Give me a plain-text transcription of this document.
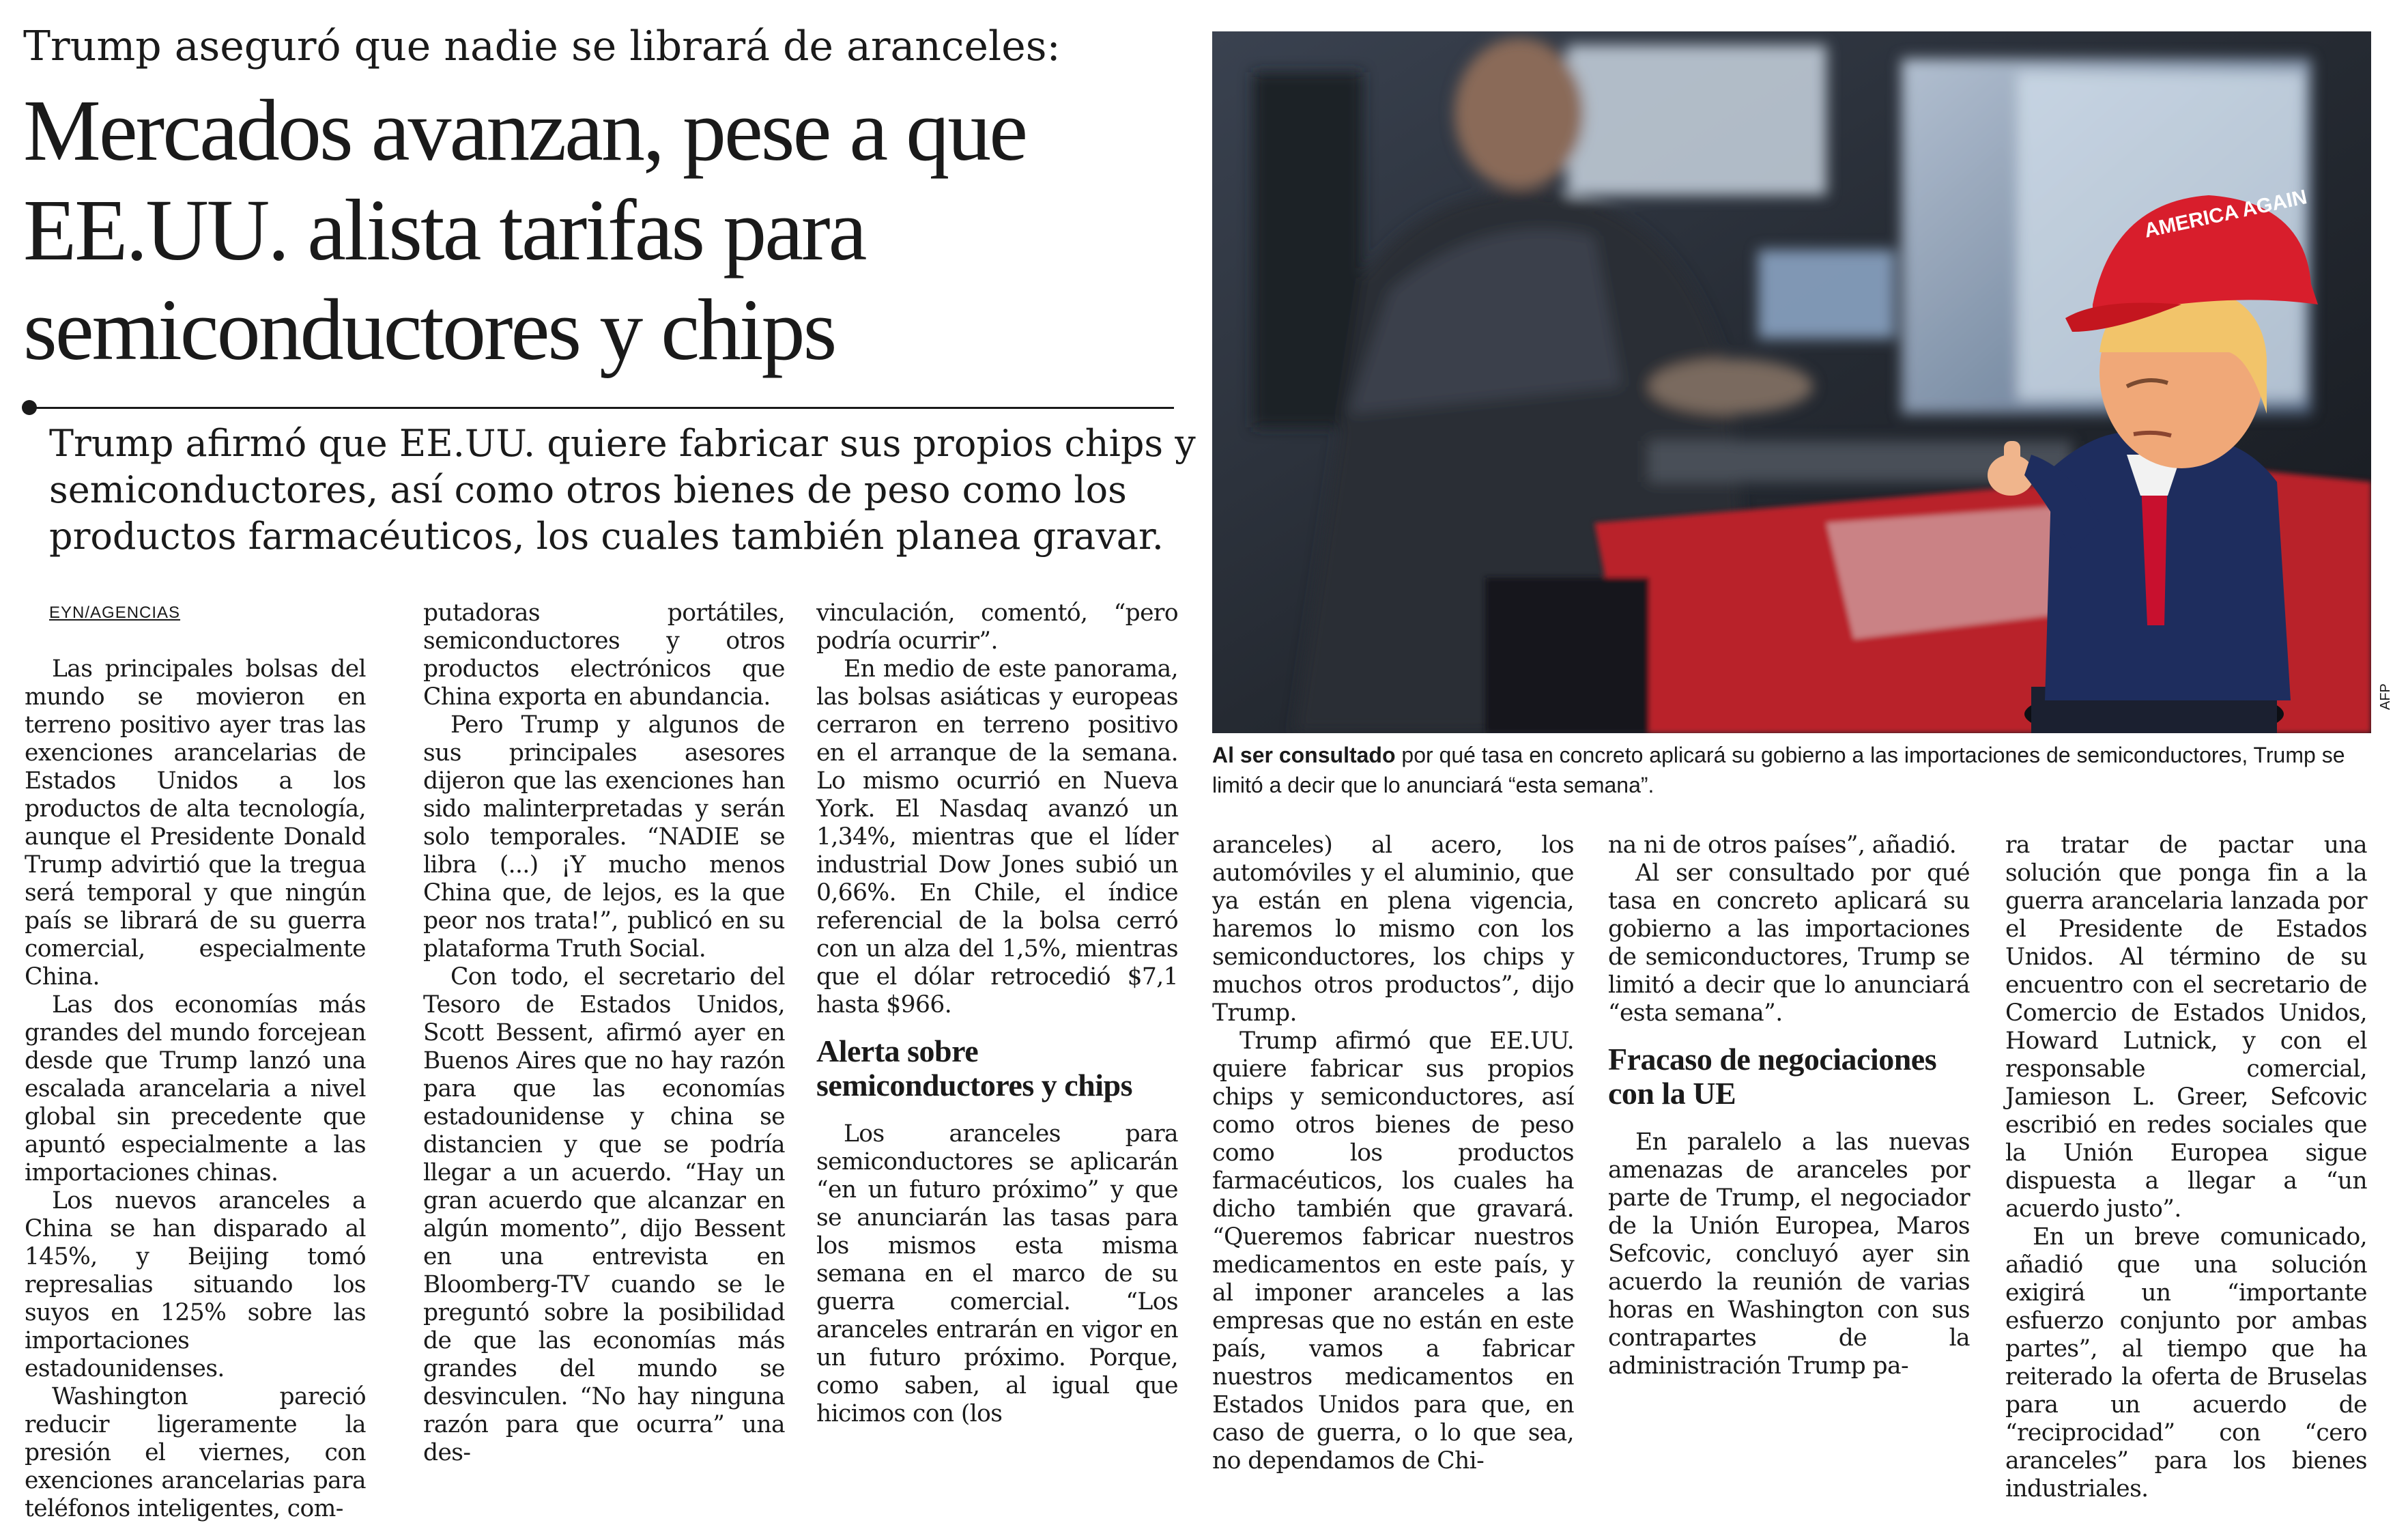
Trump aseguró que nadie se librará de aranceles:
Mercados avanzan, pese a que
EE.UU. alista tarifas para
semiconductores y chips
Trump afirmó que EE.UU. quiere fabricar sus propios chips y
semiconductores, así como otros bienes de peso como los
productos farmacéuticos, los cuales también planea gravar.
AMERICA AGAIN
AFP
Al ser consultado por qué tasa en concreto aplicará su gobierno a las importaciones de semiconductores, Trump se limitó a decir que lo anunciará “esta semana”.
EYN/AGENCIAS

Las principales bolsas del mundo se movieron en terreno positivo ayer tras las exenciones arancelarias de Estados Unidos a los productos de alta tecnología, aunque el Presidente Donald Trump advirtió que la tregua será temporal y que ningún país se librará de su guerra comercial, especialmente China.

Las dos economías más grandes del mundo forcejean desde que Trump lanzó una escalada arancelaria a nivel global sin precedente que apuntó especialmente a las importaciones chinas.

Los nuevos aranceles a China se han disparado al 145%, y Beijing tomó represalias situando los suyos en 125% sobre las importaciones estadounidenses.

Washington pareció reducir ligeramente la presión el viernes, con exenciones arancelarias para teléfonos inteligentes, com-

putadoras portátiles, semiconductores y otros productos electrónicos que China exporta en abundancia.

Pero Trump y algunos de sus principales asesores dijeron que las exenciones han sido malinterpretadas y serán solo temporales. “NADIE se libra (...) ¡Y mucho menos China que, de lejos, es la que peor nos trata!”, publicó en su plataforma Truth Social.

Con todo, el secretario del Tesoro de Estados Unidos, Scott Bessent, afirmó ayer en Buenos Aires que no hay razón para que las economías estadounidense y china se distancien y que se podría llegar a un acuerdo. “Hay un gran acuerdo que alcanzar en algún momento”, dijo Bessent en una entrevista en Bloomberg-TV cuando se le preguntó sobre la posibilidad de que las economías más grandes del mundo se desvinculen. “No hay ninguna razón para que ocurra” una des-

vinculación, comentó, “pero podría ocurrir”.

En medio de este panorama, las bolsas asiáticas y europeas cerraron en terreno positivo en el arranque de la semana. Lo mismo ocurrió en Nueva York. El Nasdaq avanzó un 1,34%, mientras que el líder industrial Dow Jones subió un 0,66%. En Chile, el índice referencial de la bolsa cerró con un alza del 1,5%, mientras que el dólar retrocedió $7,1 hasta $966.

Alerta sobre semiconductores y chips

Los aranceles para semiconductores se aplicarán “en un futuro próximo” y que se anunciarán las tasas para los mismos esta misma semana en el marco de su guerra comercial. “Los aranceles entrarán en vigor en un futuro próximo. Porque, como saben, al igual que hicimos con (los

aranceles) al acero, los automóviles y el aluminio, que ya están en plena vigencia, haremos lo mismo con los semiconductores, los chips y muchos otros productos”, dijo Trump.

Trump afirmó que EE.UU. quiere fabricar sus propios chips y semiconductores, así como otros bienes de peso como los productos farmacéuticos, los cuales ha dicho también que gravará. “Queremos fabricar nuestros medicamentos en este país, y al imponer aranceles a las empresas que no están en este país, vamos a fabricar nuestros medicamentos en Estados Unidos para que, en caso de guerra, o lo que sea, no dependamos de Chi-

na ni de otros países”, añadió.

Al ser consultado por qué tasa en concreto aplicará su gobierno a las importaciones de semiconductores, Trump se limitó a decir que lo anunciará “esta semana”.

Fracaso de negociaciones con la UE

En paralelo a las nuevas amenazas de aranceles por parte de Trump, el negociador de la Unión Europea, Maros Sefcovic, concluyó ayer sin acuerdo la reunión de varias horas en Washington con sus contrapartes de la administración Trump pa-

ra tratar de pactar una solución que ponga fin a la guerra arancelaria lanzada por el Presidente de Estados Unidos. Al término de su encuentro con el secretario de Comercio de Estados Unidos, Howard Lutnick, y con el responsable comercial, Jamieson L. Greer, Sefcovic escribió en redes sociales que la Unión Europea sigue dispuesta a llegar a “un acuerdo justo”.

En un breve comunicado, añadió que una solución exigirá un “importante esfuerzo conjunto por ambas partes”, al tiempo que ha reiterado la oferta de Bruselas para un acuerdo de “reciprocidad” con “cero aranceles” para los bienes industriales.
